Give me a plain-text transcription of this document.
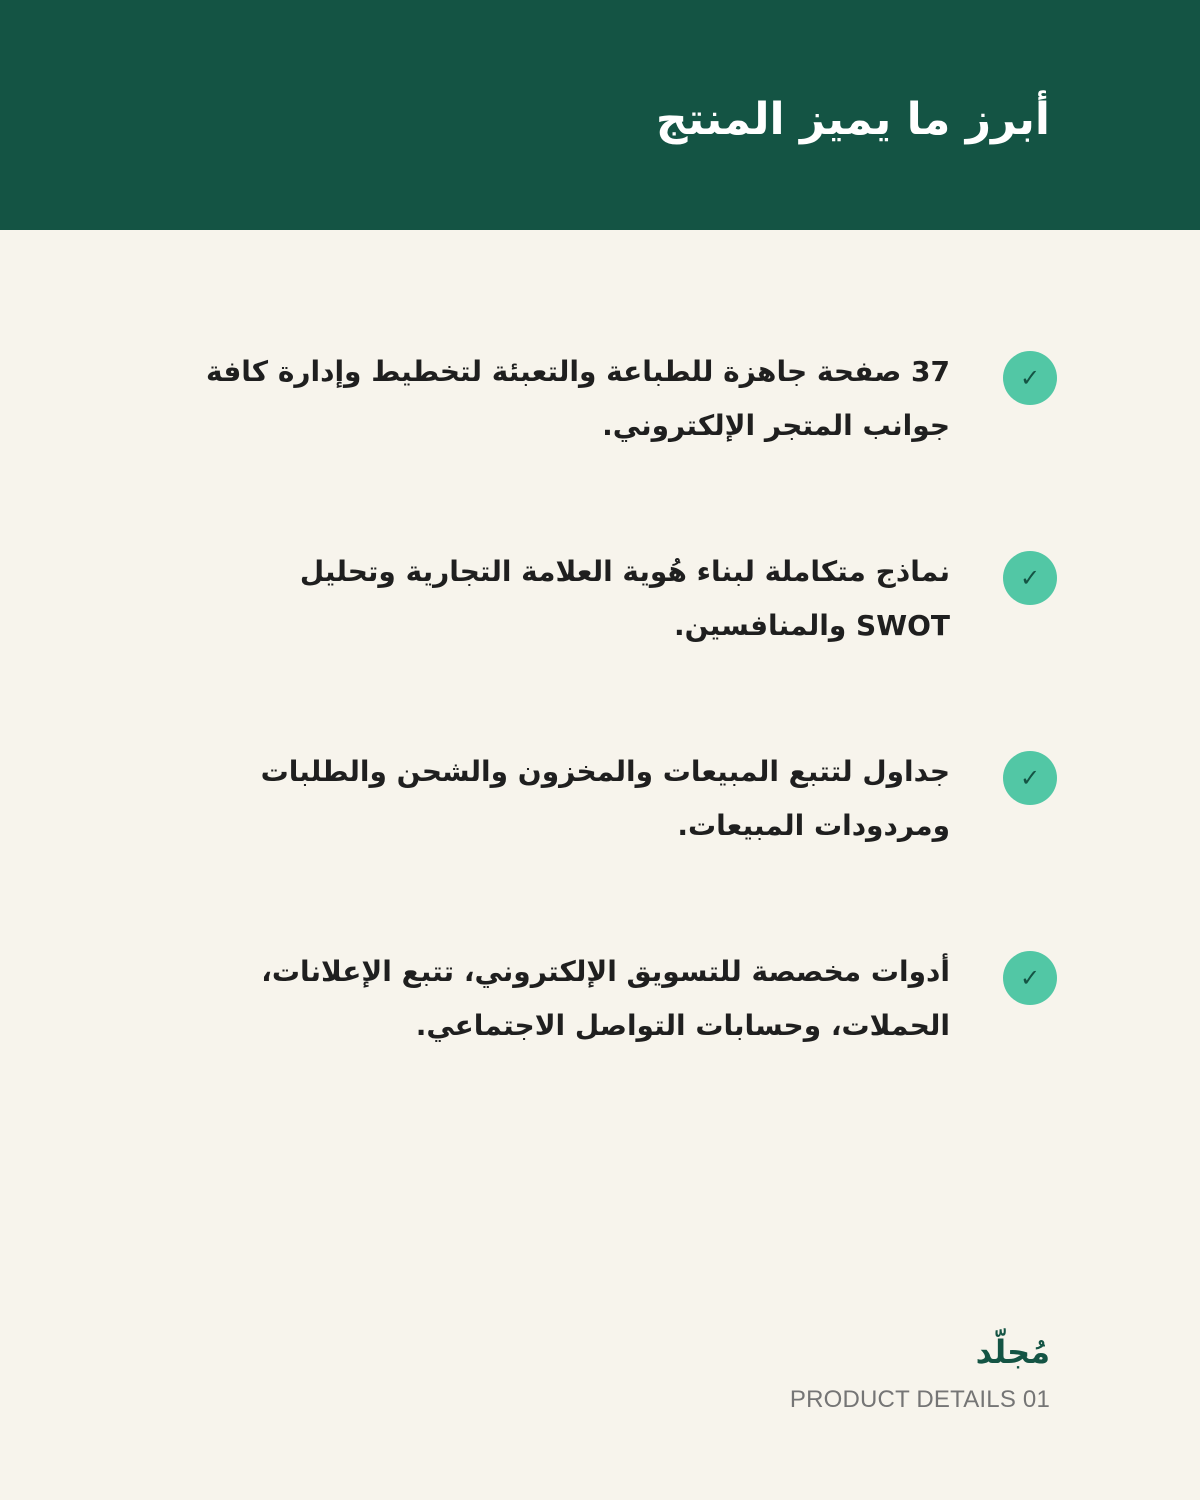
أبرز ما يميز المنتج
✓

37 صفحة جاهزة للطباعة والتعبئة لتخطيط وإدارة كافة جوانب المتجر الإلكتروني.

✓

نماذج متكاملة لبناء هُوية العلامة التجارية وتحليل SWOT والمنافسين.

✓

جداول لتتبع المبيعات والمخزون والشحن والطلبات ومردودات المبيعات.

✓

أدوات مخصصة للتسويق الإلكتروني، تتبع الإعلانات، الحملات، وحسابات التواصل الاجتماعي.

مُجلّد
PRODUCT DETAILS 01
